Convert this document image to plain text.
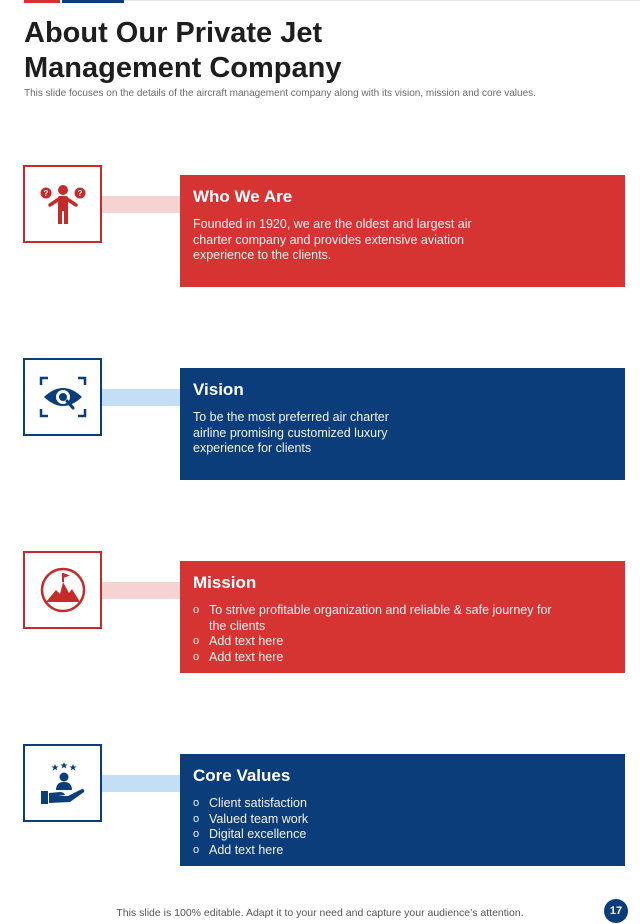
About Our Private Jet Management Company
This slide focuses on the details of the aircraft management company along with its vision, mission and core values.
?	?	Who We Are
Founded in 1920, we are the oldest and largest air charter company and provides extensive aviation experience to the clients.
Vision
To be the most preferred air charter airline promising customized luxury experience for clients
Mission
o To strive profitable organization and reliable & safe journey for the clients
o Add text here
o Add text here
Core Values
o Client satisfaction
o Valued team work
o Digital excellence
o Add text here
This slide is 100% editable. Adapt it to your need and capture your audience’s attention.	17
